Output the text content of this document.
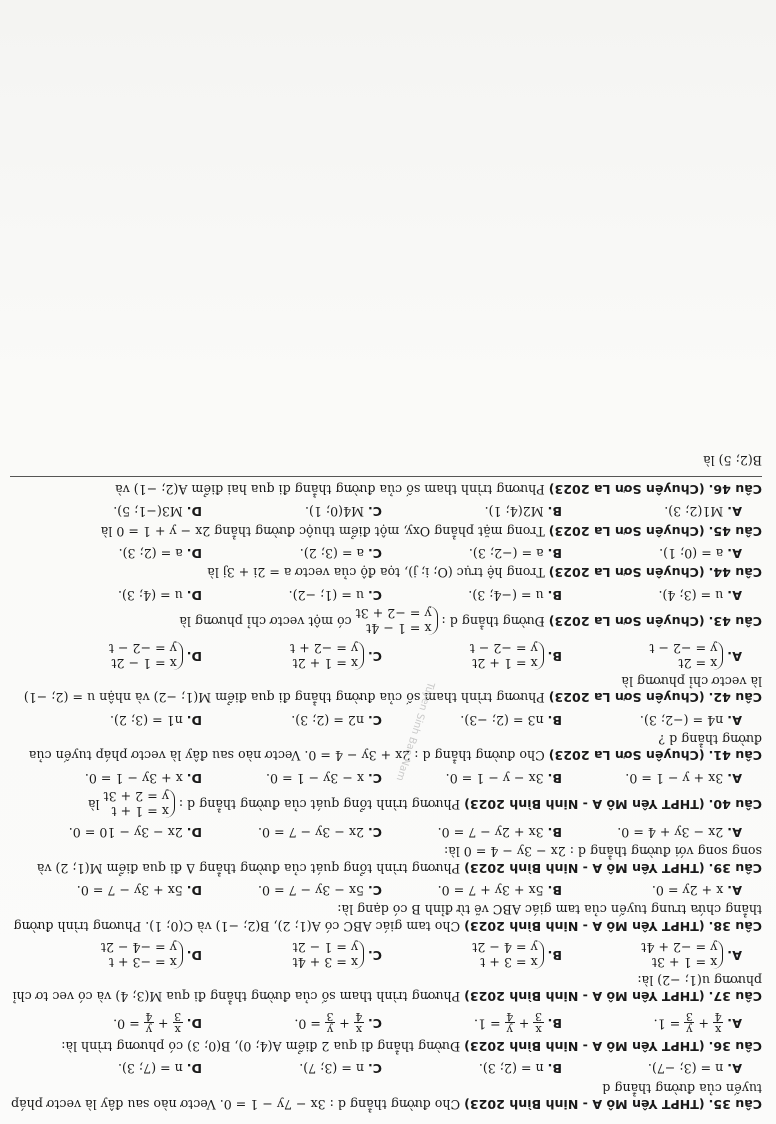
Câu 35. (THPT Yên Mô A - Ninh Bình 2023) Cho đường thẳng d : 3x − 7y − 1 = 0. Vectơ nào sau đây là vectơ pháp tuyến của đường thẳng d

A.n = (3; −7).
B.n = (2; 3).
C.n = (3; 7).
D.n = (7; 3).

Câu 36. (THPT Yên Mô A - Ninh Bình 2023) Đường thẳng đi qua 2 điểm A(4; 0), B(0; 3) có phương trình là:

A.
x
4
+
y
3
= 1.
B.
x
3
+
y
4
= 1.
C.
x
4
+
y
3
= 0.
D.
x
3
+
y
4
= 0.

Câu 37. (THPT Yên Mô A - Ninh Bình 2023) Phương trình tham số của đường thẳng đi qua M(3; 4) và có vec tơ chỉ phương u(1; −2) là:

A.
x = 1 + 3t
y = −2 + 4t
B.
x = 3 + t
y = 4 − 2t
C.
x = 3 + 4t
y = 1 − 2t
D.
x = −3 + t
y = −4 − 2t

Câu 38. (THPT Yên Mô A - Ninh Bình 2023) Cho tam giác ABC có A(1; 2), B(2; −1) và C(0; 1). Phương trình đường thẳng chứa trung tuyến của tam giác ABC vẽ từ đỉnh B có dạng là:

A.x + 2y = 0.
B.5x + 3y + 7 = 0.
C.5x − 3y − 7 = 0.
D.5x + 3y − 7 = 0.

Câu 39. (THPT Yên Mô A - Ninh Bình 2023) Phương trình tổng quát của đường thẳng Δ đi qua điểm M(1; 2) và song song với đường thẳng d : 2x − 3y − 4 = 0 là:

A.2x − 3y + 4 = 0.
B.3x + 2y − 7 = 0.
C.2x − 3y − 7 = 0.
D.2x − 3y − 10 = 0.

Câu 40. (THPT Yên Mô A - Ninh Bình 2023) Phương trình tổng quát của đường thẳng d :
x = 1 + t
y = 2 + 3t
là

A.3x + y − 1 = 0.
B.3x − y − 1 = 0.
C.x − 3y − 1 = 0.
D.x + 3y − 1 = 0.

Câu 41. (Chuyên Sơn La 2023) Cho đường thẳng d : 2x + 3y − 4 = 0. Vectơ nào sau đây là vectơ pháp tuyến của đường thẳng d ?

A.n4 = (−2; 3).
B.n3 = (2; −3).
C.n2 = (2; 3).
D.n1 = (3; 2).

Câu 42. (Chuyên Sơn La 2023) Phương trình tham số của đường thẳng đi qua điểm M(1; −2) và nhận u = (2; −1) là vectơ chỉ phương là

A.
x = 2t
y = −2 − t
B.
x = 1 + 2t
y = −2 − t
C.
x = 1 + 2t
y = −2 + t
D.
x = 1 − 2t
y = −2 − t

Câu 43. (Chuyên Sơn La 2023) Đường thẳng d :
x = 1 − 4t
y = −2 + 3t
có một vectơ chỉ phương là

A.u = (3; 4).
B.u = (−4; 3).
C.u = (1; −2).
D.u = (4; 3).

Câu 44. (Chuyên Sơn La 2023) Trong hệ trục (O; i; j), tọa độ của vectơ a = 2i + 3j là

A.a = (0; 1).
B.a = (−2; 3).
C.a = (3; 2).
D.a = (2; 3).

Câu 45. (Chuyên Sơn La 2023) Trong mặt phẳng Oxy, một điểm thuộc đường thẳng 2x − y + 1 = 0 là

A.M1(2; 3).
B.M2(4; 1).
C.M4(0; 1).
D.M3(−1; 5).

Câu 46. (Chuyên Sơn La 2023) Phương trình tham số của đường thẳng đi qua hai điểm A(2; −1) và

B(2; 5) là

Tuyen Sinh Bao Nam
